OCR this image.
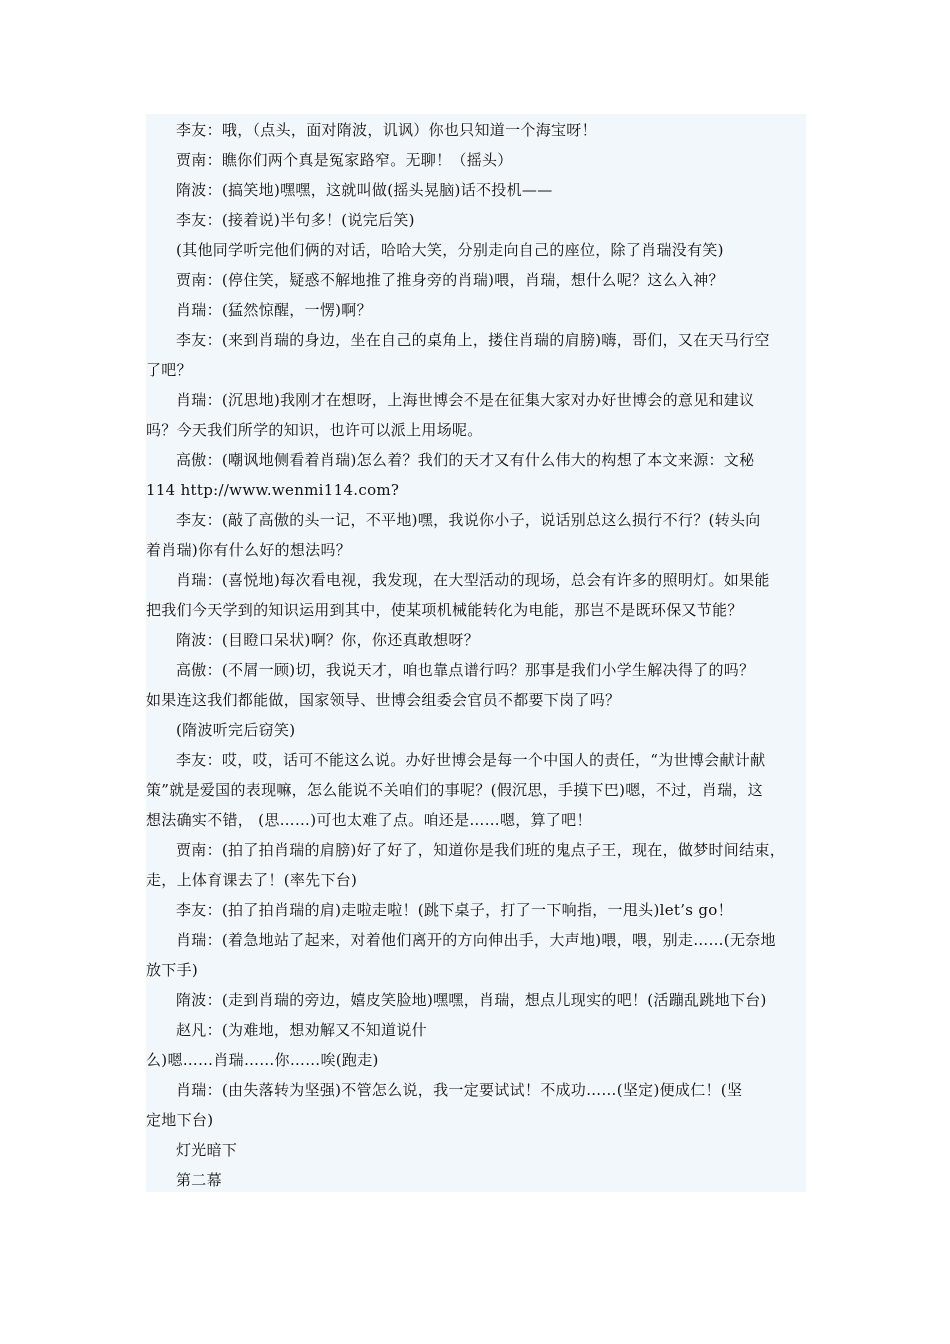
李友：哦，（点头，面对隋波，讥讽）你也只知道一个海宝呀！
贾南：瞧你们两个真是冤家路窄。无聊！（摇头）
隋波：(搞笑地)嘿嘿，这就叫做(摇头晃脑)话不投机——
李友：(接着说)半句多！(说完后笑)
(其他同学听完他们俩的对话，哈哈大笑，分别走向自己的座位，除了肖瑞没有笑)
贾南：(停住笑，疑惑不解地推了推身旁的肖瑞)喂，肖瑞，想什么呢？这么入神？
肖瑞：(猛然惊醒，一愣)啊？
李友：(来到肖瑞的身边，坐在自己的桌角上，搂住肖瑞的肩膀)嗨，哥们，又在天马行空
了吧？
肖瑞：(沉思地)我刚才在想呀，上海世博会不是在征集大家对办好世博会的意见和建议
吗？今天我们所学的知识，也许可以派上用场呢。
高傲：(嘲讽地侧看着肖瑞)怎么着？我们的天才又有什么伟大的构想了本文来源：文秘
114 http://www.wenmi114.com?
李友：(敲了高傲的头一记，不平地)嘿，我说你小子，说话别总这么损行不行？(转头向
着肖瑞)你有什么好的想法吗？
肖瑞：(喜悦地)每次看电视，我发现，在大型活动的现场，总会有许多的照明灯。如果能
把我们今天学到的知识运用到其中，使某项机械能转化为电能，那岂不是既环保又节能？
隋波：(目瞪口呆状)啊？你，你还真敢想呀？
高傲：(不屑一顾)切，我说天才，咱也靠点谱行吗？那事是我们小学生解决得了的吗？
如果连这我们都能做，国家领导、世博会组委会官员不都要下岗了吗？
(隋波听完后窃笑)
李友：哎，哎，话可不能这么说。办好世博会是每一个中国人的责任，“为世博会献计献
策”就是爱国的表现嘛，怎么能说不关咱们的事呢？(假沉思，手摸下巴)嗯，不过，肖瑞，这
想法确实不错， (思……)可也太难了点。咱还是……嗯，算了吧！
贾南：(拍了拍肖瑞的肩膀)好了好了，知道你是我们班的鬼点子王，现在，做梦时间结束，
走，上体育课去了！(率先下台)
李友：(拍了拍肖瑞的肩)走啦走啦！(跳下桌子，打了一下响指，一甩头)let’s go！
肖瑞：(着急地站了起来，对着他们离开的方向伸出手，大声地)喂，喂，别走……(无奈地
放下手)
隋波：(走到肖瑞的旁边，嬉皮笑脸地)嘿嘿，肖瑞，想点儿现实的吧！(活蹦乱跳地下台)
赵凡：(为难地，想劝解又不知道说什
么)嗯……肖瑞……你……唉(跑走)
肖瑞：(由失落转为坚强)不管怎么说，我一定要试试！不成功……(坚定)便成仁！(坚
定地下台)
灯光暗下
第二幕
